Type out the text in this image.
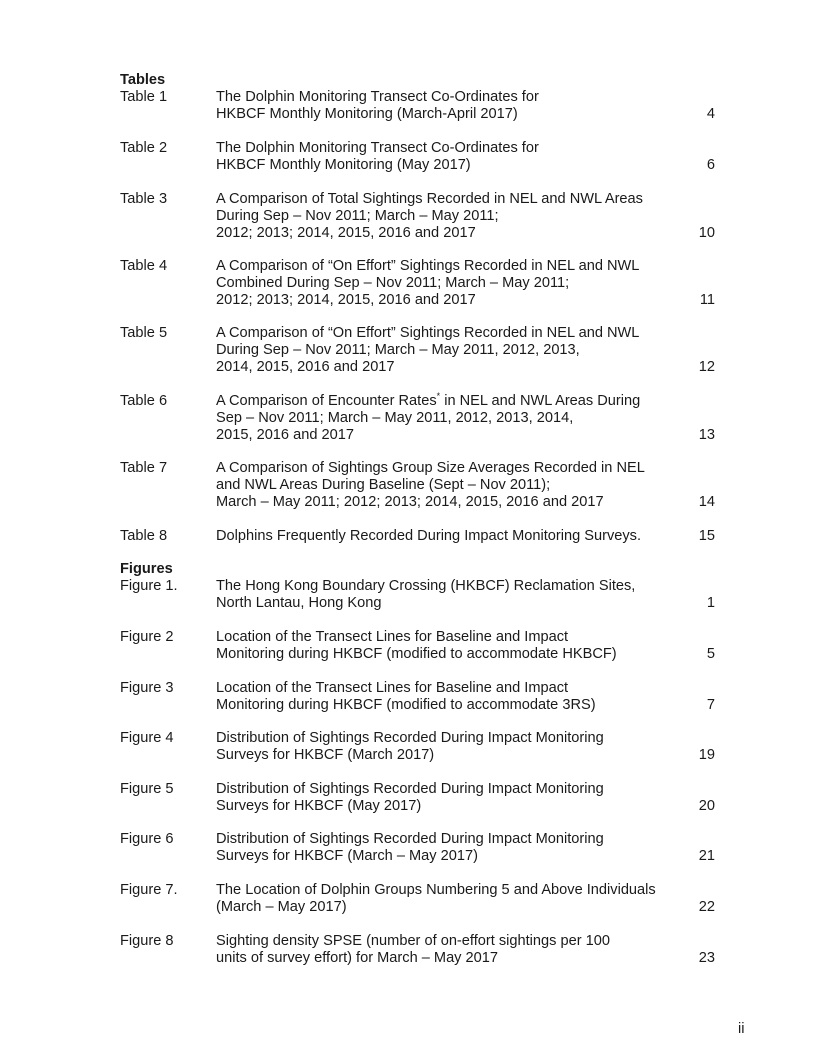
Tables
Table 1	The Dolphin Monitoring Transect Co-Ordinates for
HKBCF Monthly Monitoring (March-April 2017)	4
Table 2	The Dolphin Monitoring Transect Co-Ordinates for
HKBCF Monthly Monitoring (May 2017)	6
Table 3	A Comparison of Total Sightings Recorded in NEL and NWL Areas
During Sep – Nov 2011; March – May 2011;
2012; 2013; 2014, 2015, 2016 and 2017	10
Table 4	A Comparison of “On Effort” Sightings Recorded in NEL and NWL
Combined During Sep – Nov 2011; March – May 2011;
2012; 2013; 2014, 2015, 2016 and 2017	11
Table 5	A Comparison of “On Effort” Sightings Recorded in NEL and NWL
During Sep – Nov 2011; March – May 2011, 2012, 2013,
2014, 2015, 2016 and 2017	12
Table 6	A Comparison of Encounter Rates* in NEL and NWL Areas During
Sep – Nov 2011; March – May 2011, 2012, 2013, 2014,
2015, 2016 and 2017	13
Table 7	A Comparison of Sightings Group Size Averages Recorded in NEL
and NWL Areas During Baseline (Sept – Nov 2011);
March – May 2011; 2012; 2013; 2014, 2015, 2016 and 2017	14
Table 8	Dolphins Frequently Recorded During Impact Monitoring Surveys.	15
Figures
Figure 1.	The Hong Kong Boundary Crossing (HKBCF) Reclamation Sites,
North Lantau, Hong Kong	1
Figure 2	Location of the Transect Lines for Baseline and Impact
Monitoring during HKBCF (modified to accommodate HKBCF)	5
Figure 3	Location of the Transect Lines for Baseline and Impact
Monitoring during HKBCF (modified to accommodate 3RS)	7
Figure 4	Distribution of Sightings Recorded During Impact Monitoring
Surveys for HKBCF (March 2017)	19
Figure 5	Distribution of Sightings Recorded During Impact Monitoring
Surveys for HKBCF (May 2017)	20
Figure 6	Distribution of Sightings Recorded During Impact Monitoring
Surveys for HKBCF (March – May 2017)	21
Figure 7.	The Location of Dolphin Groups Numbering 5 and Above Individuals
(March – May 2017)	22
Figure 8	Sighting density SPSE (number of on-effort sightings per 100
units of survey effort) for March – May 2017	23
ii
